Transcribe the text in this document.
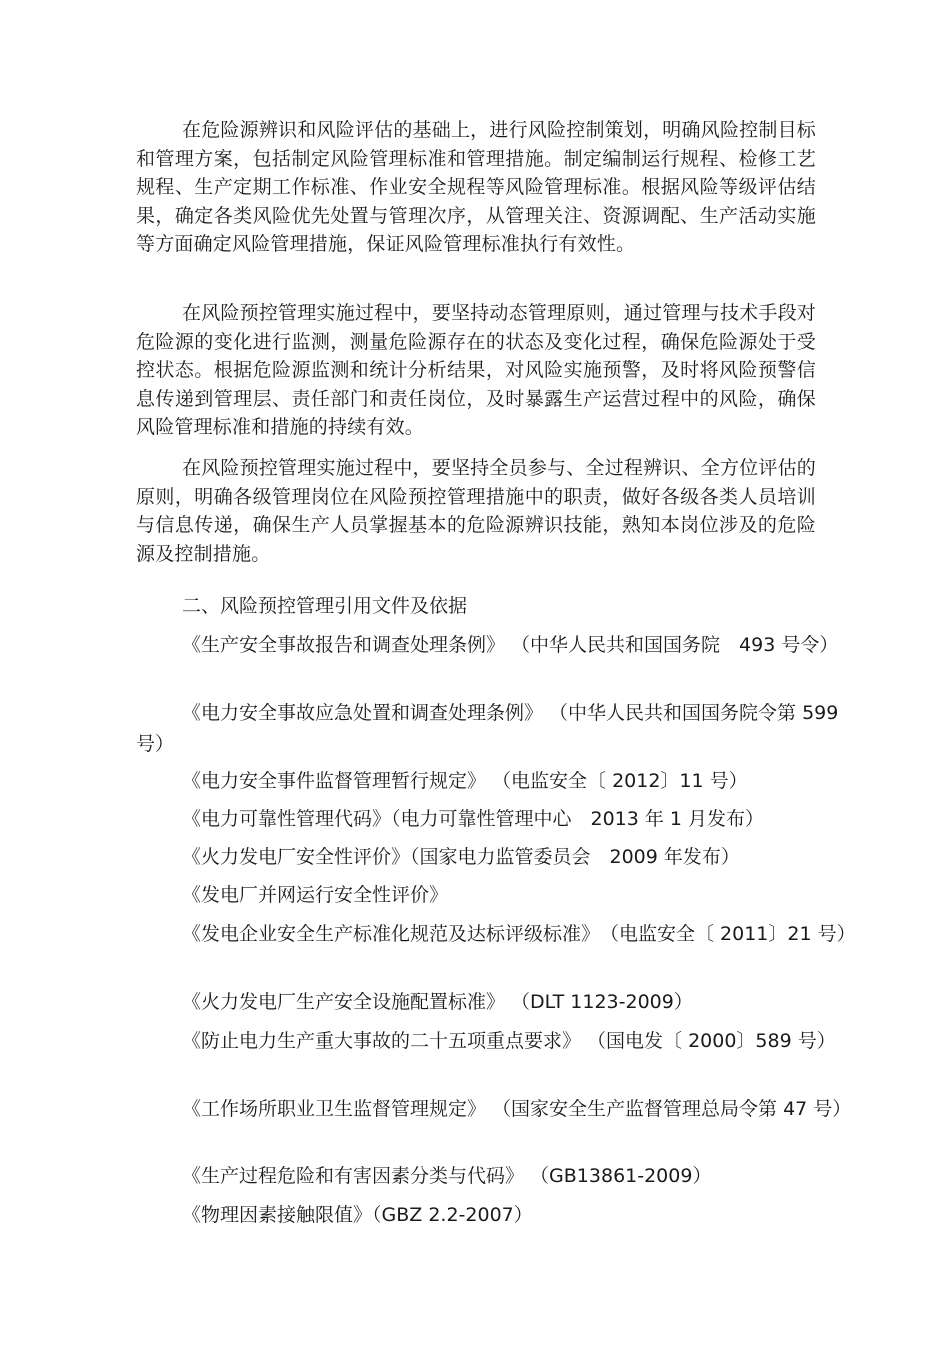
在危险源辨识和风险评估的基础上，进行风险控制策划，明确风险控制目标和管理方案，包括制定风险管理标准和管理措施。制定编制运行规程、检修工艺规程、生产定期工作标准、作业安全规程等风险管理标准。根据风险等级评估结果，确定各类风险优先处置与管理次序，从管理关注、资源调配、生产活动实施等方面确定风险管理措施，保证风险管理标准执行有效性。

在风险预控管理实施过程中，要坚持动态管理原则，通过管理与技术手段对危险源的变化进行监测，测量危险源存在的状态及变化过程，确保危险源处于受控状态。根据危险源监测和统计分析结果，对风险实施预警，及时将风险预警信息传递到管理层、责任部门和责任岗位，及时暴露生产运营过程中的风险，确保风险管理标准和措施的持续有效。

在风险预控管理实施过程中，要坚持全员参与、全过程辨识、全方位评估的原则，明确各级管理岗位在风险预控管理措施中的职责，做好各级各类人员培训与信息传递，确保生产人员掌握基本的危险源辨识技能，熟知本岗位涉及的危险源及控制措施。

二、风险预控管理引用文件及依据

《生产安全事故报告和调查处理条例》 （中华人民共和国国务院　493 号令）

《电力安全事故应急处置和调查处理条例》 （中华人民共和国国务院令第 599 号）

《电力安全事件监督管理暂行规定》 （电监安全〔 2012〕11 号）

《电力可靠性管理代码》（电力可靠性管理中心　2013 年 1 月发布）

《火力发电厂安全性评价》（国家电力监管委员会　2009 年发布）

《发电厂并网运行安全性评价》

《发电企业安全生产标准化规范及达标评级标准》　（电监安全〔 2011〕21 号）

《火力发电厂生产安全设施配置标准》 （DLT 1123-2009）

《防止电力生产重大事故的二十五项重点要求》 （国电发〔 2000〕589 号）

《工作场所职业卫生监督管理规定》 （国家安全生产监督管理总局令第 47 号）

《生产过程危险和有害因素分类与代码》 （GB13861-2009）

《物理因素接触限值》（GBZ 2.2-2007）
